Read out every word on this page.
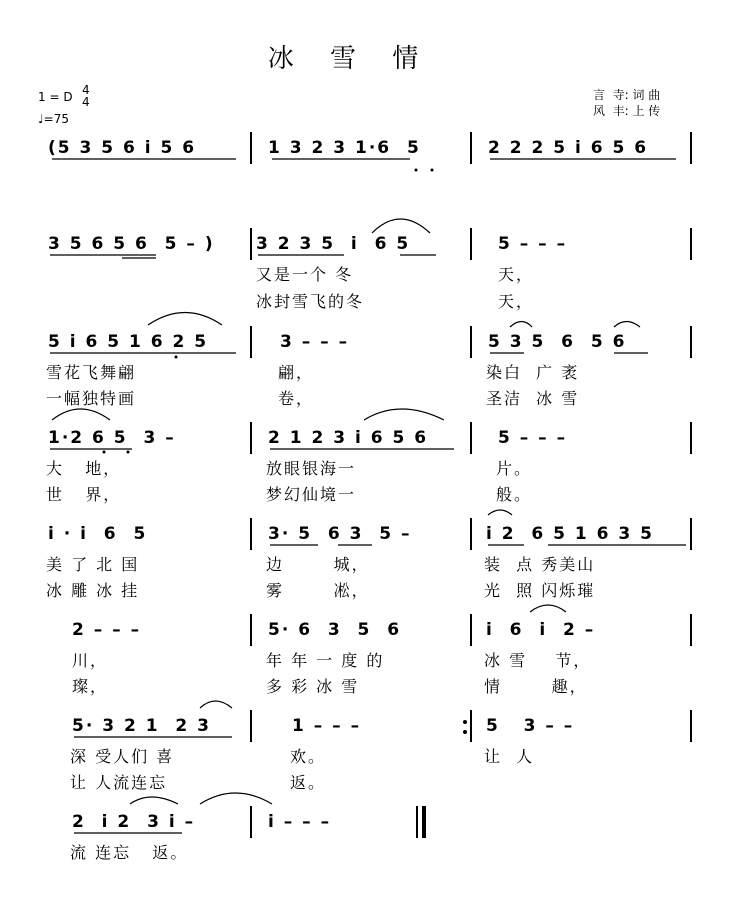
冰 雪 情
1 = D 4
4
♩=75
言  寺: 词 曲
风  丰: 上 传
(5 3 5 6 i 5 6	1 3 2 3 1·6  5	2 2 2 5 i 6 5 6
3 5 6 5 6  5 – ) 3 2 3 5  i  6 5	5 – – –
又是一个 冬	天，
冰封雪飞的冬	天，
5 i 6 5 1 6 2 5	3 – – –	5 3 5  6  5 6
雪花飞舞翩	翩，	染白  广 袤
一幅独特画	卷，	圣洁  冰 雪
1·2 6 5  3 –	2 1 2 3 i 6 5 6	5 – – –
大   地，	放眼银海一	片。
世   界，	梦幻仙境一	般。
i · i  6  5	3· 5  6 3  5 –	i 2  6 5 1 6 3 5
美 了 北 国	边       城，	装  点 秀美山
冰 雕 冰 挂	雾       凇，	光  照 闪烁璀
2 – – –	5· 6  3  5  6	i  6  i  2 –
川，	年 年 一 度 的	冰 雪    节，
璨，	多 彩 冰 雪	情       趣，
5· 3 2 1  2 3	1 – – –	5   3 – –
深 受人们 喜	欢。	让  人
让 人流连忘	返。
2  i 2  3 i –	i – – –
流 连忘   返。
